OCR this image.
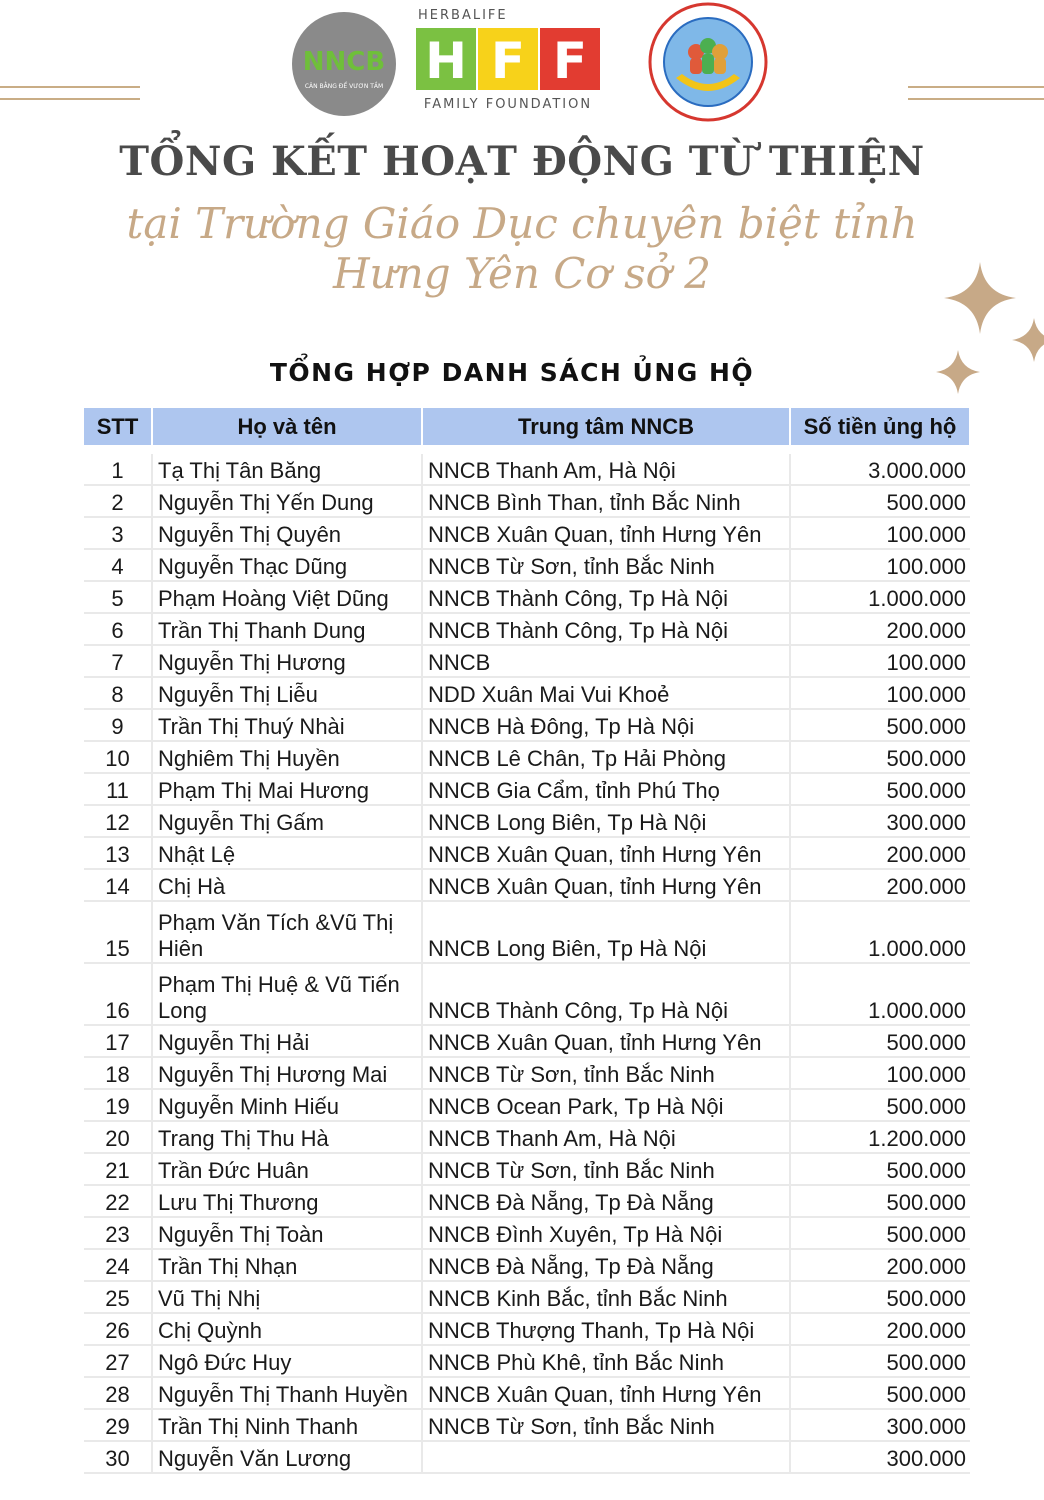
NNCB
CÂN BẰNG ĐỂ VƯƠN TẦM
HERBALIFE
H F F
FAMILY FOUNDATION
TỔNG KẾT HOẠT ĐỘNG TỪ THIỆN

tại Trường Giáo Dục chuyên biệt tỉnh

Hưng Yên Cơ sở 2

TỔNG HỢP DANH SÁCH ỦNG HỘ
STT	Họ và tên	Trung tâm NNCB	Số tiền ủng hộ

1	Tạ Thị Tân Băng	NNCB Thanh Am, Hà Nội	3.000.000
2	Nguyễn Thị Yến Dung	NNCB Bình Than, tỉnh Bắc Ninh	500.000
3	Nguyễn Thị Quyên	NNCB Xuân Quan, tỉnh Hưng Yên	100.000
4	Nguyễn Thạc Dũng	NNCB Từ Sơn, tỉnh Bắc Ninh	100.000
5	Phạm Hoàng Việt Dũng	NNCB Thành Công, Tp Hà Nội	1.000.000
6	Trần Thị Thanh Dung	NNCB Thành Công, Tp Hà Nội	200.000
7	Nguyễn Thị Hương	NNCB	100.000
8	Nguyễn Thị Liễu	NDD Xuân Mai Vui Khoẻ	100.000
9	Trần Thị Thuý Nhài	NNCB Hà Đông, Tp Hà Nội	500.000
10	Nghiêm Thị Huyền	NNCB Lê Chân, Tp Hải Phòng	500.000
11	Phạm Thị Mai Hương	NNCB Gia Cẩm, tỉnh Phú Thọ	500.000
12	Nguyễn Thị Gấm	NNCB Long Biên, Tp Hà Nội	300.000
13	Nhật Lệ	NNCB Xuân Quan, tỉnh Hưng Yên	200.000
14	Chị Hà	NNCB Xuân Quan, tỉnh Hưng Yên	200.000
15	Phạm Văn Tích &Vũ Thị Hiên	NNCB Long Biên, Tp Hà Nội	1.000.000
16	Phạm Thị Huệ & Vũ Tiến Long	NNCB Thành Công, Tp Hà Nội	1.000.000
17	Nguyễn Thị Hải	NNCB Xuân Quan, tỉnh Hưng Yên	500.000
18	Nguyễn Thị Hương Mai	NNCB Từ Sơn, tỉnh Bắc Ninh	100.000
19	Nguyễn Minh Hiếu	NNCB Ocean Park, Tp Hà Nội	500.000
20	Trang Thị Thu Hà	NNCB Thanh Am, Hà Nội	1.200.000
21	Trần Đức Huân	NNCB Từ Sơn, tỉnh Bắc Ninh	500.000
22	Lưu Thị Thương	NNCB Đà Nẵng, Tp Đà Nẵng	500.000
23	Nguyễn Thị Toàn	NNCB Đình Xuyên, Tp Hà Nội	500.000
24	Trần Thị Nhạn	NNCB Đà Nẵng, Tp Đà Nẵng	200.000
25	Vũ Thị Nhị	NNCB Kinh Bắc, tỉnh Bắc Ninh	500.000
26	Chị Quỳnh	NNCB Thượng Thanh, Tp Hà Nội	200.000
27	Ngô Đức Huy	NNCB Phù Khê, tỉnh Bắc Ninh	500.000
28	Nguyễn Thị Thanh Huyền	NNCB Xuân Quan, tỉnh Hưng Yên	500.000
29	Trần Thị Ninh Thanh	NNCB Từ Sơn, tỉnh Bắc Ninh	300.000
30	Nguyễn Văn Lương		300.000
